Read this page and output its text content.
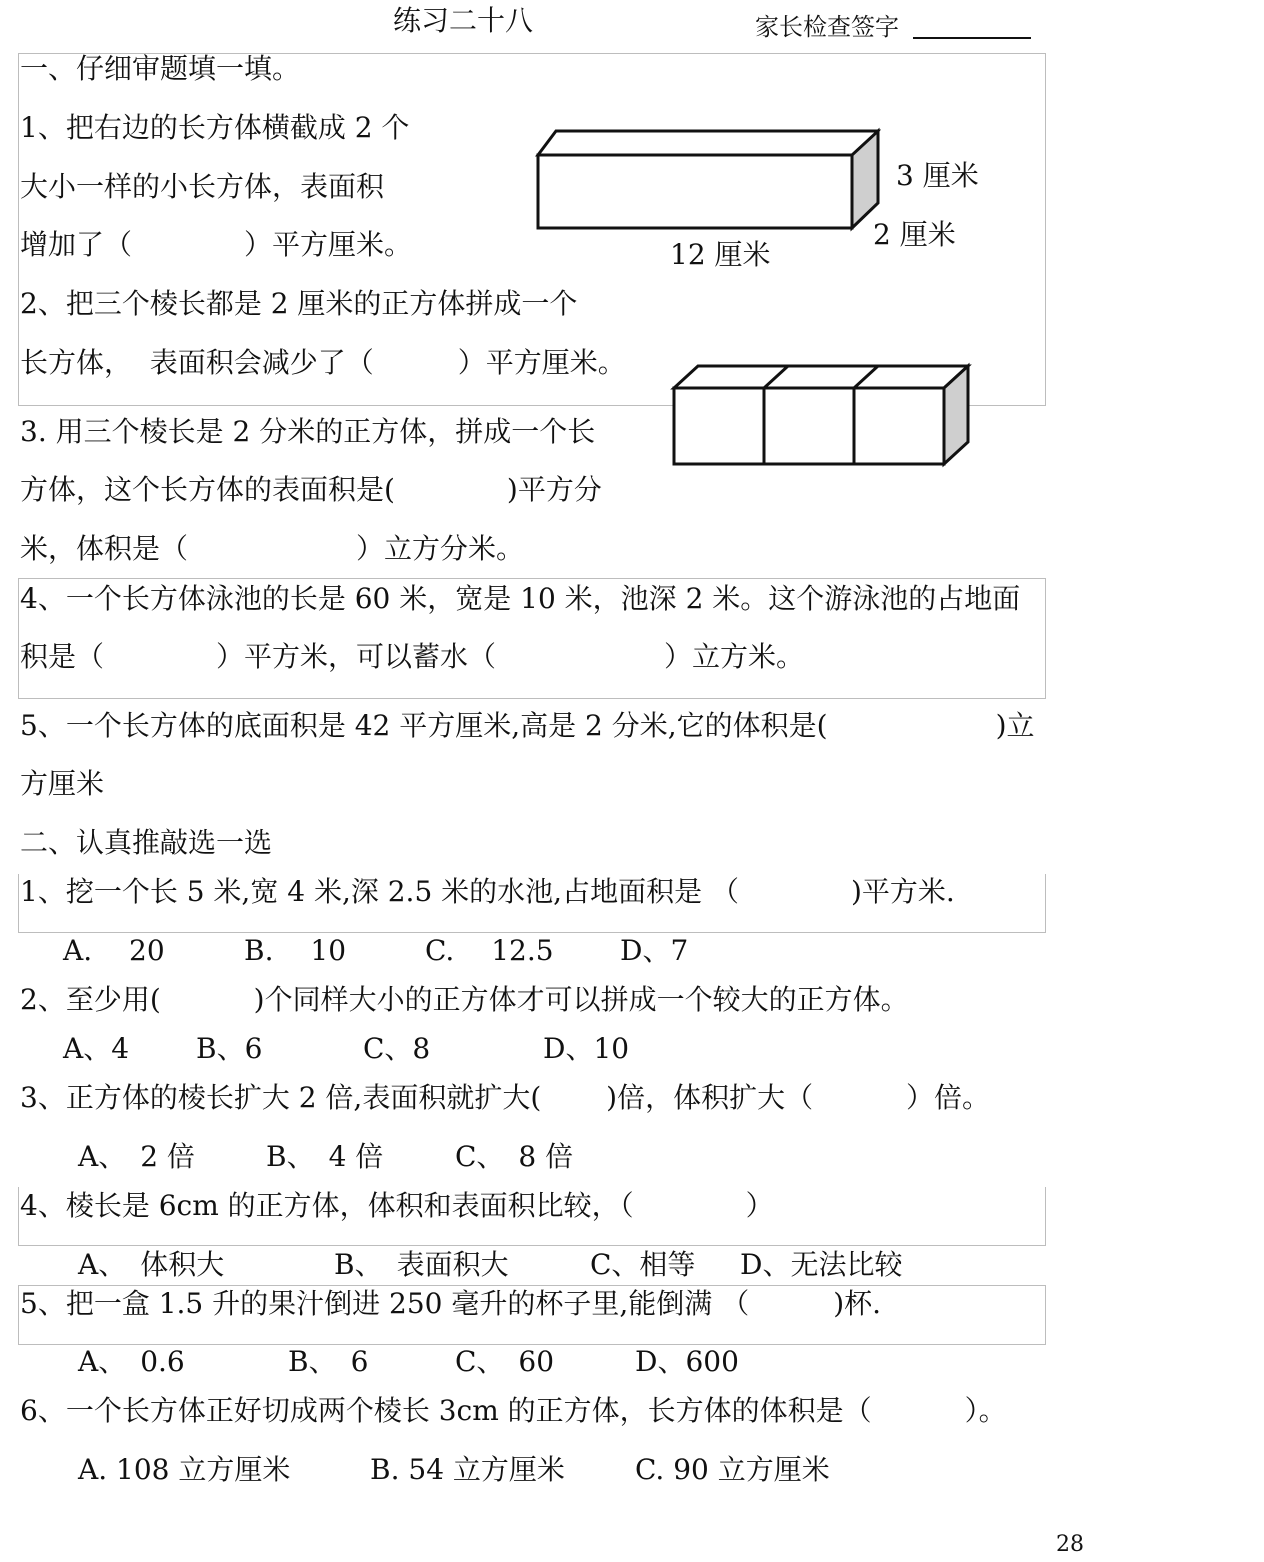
练习二十八	家长检查签字
一、仔细审题填一填。
1、把右边的长方体横截成 2 个
大小一样的小长方体，表面积
增加了（　　　　）平方厘米。
3 厘米
2 厘米
12 厘米
2、把三个棱长都是 2 厘米的正方体拼成一个
长方体，  表面积会减少了（　　　）平方厘米。
3. 用三个棱长是 2 分米的正方体，拼成一个长
方体，这个长方体的表面积是(　　　　)平方分
米，体积是（　　　　　　）立方分米。
4、一个长方体泳池的长是 60 米，宽是 10 米，池深 2 米。这个游泳池的占地面
积是（　　　　）平方米，可以蓄水（　　　　　　）立方米。
5、一个长方体的底面积是 42 平方厘米,高是 2 分米,它的体积是(　　　　　　)立
方厘米
二、认真推敲选一选
1、挖一个长 5 米,宽 4 米,深 2.5 米的水池,占地面积是 （　　　　)平方米.
A.　 20	B.　 10	C.　 12.5 D、7
2、至少用(　　　 )个同样大小的正方体才可以拼成一个较大的正方体。
A、4 B、6	C、8	D、10
3、正方体的棱长扩大 2 倍,表面积就扩大(　　 )倍，体积扩大（　　　 ）倍。
A、　2 倍	B、　4 倍	C、　8 倍
4、棱长是 6cm 的正方体，体积和表面积比较，（　　　　）
A、　体积大	B、　表面积大	C、相等 D、无法比较
5、把一盒 1.5 升的果汁倒进 250 毫升的杯子里,能倒满 （　　　)杯.
A、　0.6	B、　6	C、　60	D、600
6、一个长方体正好切成两个棱长 3cm 的正方体，长方体的体积是（　　　 ）。
A. 108 立方厘米	B. 54 立方厘米	C. 90 立方厘米
28
